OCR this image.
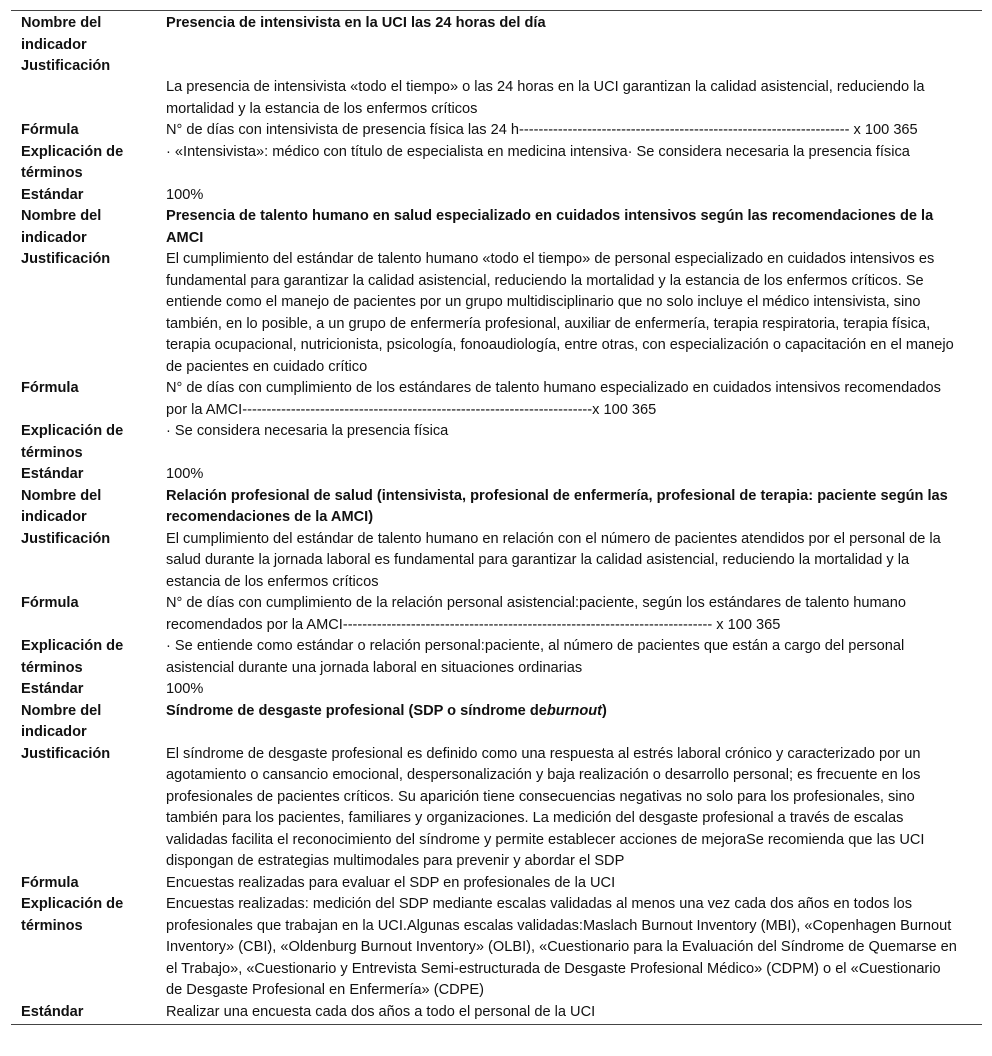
Nombre del indicador	Presencia de intensivista en la UCI las 24 horas del día
Justificación	La presencia de intensivista «todo el tiempo» o las 24 horas en la UCI garantizan la calidad asistencial, reduciendo la mortalidad y la estancia de los enfermos críticos
Fórmula	N° de días con intensivista de presencia física las 24 h-------------------------------------------------------------------- x 100 365
Explicación de términos	· «Intensivista»: médico con título de especialista en medicina intensiva· Se considera necesaria la presencia física
Estándar	100%
Nombre del indicador	Presencia de talento humano en salud especializado en cuidados intensivos según las recomendaciones de la AMCI
Justificación	El cumplimiento del estándar de talento humano «todo el tiempo» de personal especializado en cuidados intensivos es fundamental para garantizar la calidad asistencial, reduciendo la mortalidad y la estancia de los enfermos críticos. Se entiende como el manejo de pacientes por un grupo multidisciplinario que no solo incluye el médico intensivista, sino también, en lo posible, a un grupo de enfermería profesional, auxiliar de enfermería, terapia respiratoria, terapia física, terapia ocupacional, nutricionista, psicología, fonoaudiología, entre otras, con especialización o capacitación en el manejo de pacientes en cuidado crítico
Fórmula	N° de días con cumplimiento de los estándares de talento humano especializado en cuidados intensivos recomendados por la AMCI------------------------------------------------------------------------x 100 365
Explicación de términos	· Se considera necesaria la presencia física
Estándar	100%
Nombre del indicador	Relación profesional de salud (intensivista, profesional de enfermería, profesional de terapia: paciente según las recomendaciones de la AMCI)
Justificación	El cumplimiento del estándar de talento humano en relación con el número de pacientes atendidos por el personal de la salud durante la jornada laboral es fundamental para garantizar la calidad asistencial, reduciendo la mortalidad y la estancia de los enfermos críticos
Fórmula	N° de días con cumplimiento de la relación personal asistencial:paciente, según los estándares de talento humano recomendados por la AMCI---------------------------------------------------------------------------- x 100 365
Explicación de términos	· Se entiende como estándar o relación personal:paciente, al número de pacientes que están a cargo del personal asistencial durante una jornada laboral en situaciones ordinarias
Estándar	100%
Nombre del indicador	Síndrome de desgaste profesional (SDP o síndrome deburnout)
Justificación	El síndrome de desgaste profesional es definido como una respuesta al estrés laboral crónico y caracterizado por un agotamiento o cansancio emocional, despersonalización y baja realización o desarrollo personal; es frecuente en los profesionales de pacientes críticos. Su aparición tiene consecuencias negativas no solo para los profesionales, sino también para los pacientes, familiares y organizaciones. La medición del desgaste profesional a través de escalas validadas facilita el reconocimiento del síndrome y permite establecer acciones de mejoraSe recomienda que las UCI dispongan de estrategias multimodales para prevenir y abordar el SDP
Fórmula	Encuestas realizadas para evaluar el SDP en profesionales de la UCI
Explicación de términos	Encuestas realizadas: medición del SDP mediante escalas validadas al menos una vez cada dos años en todos los profesionales que trabajan en la UCI.Algunas escalas validadas:Maslach Burnout Inventory (MBI), «Copenhagen Burnout Inventory» (CBI), «Oldenburg Burnout Inventory» (OLBI), «Cuestionario para la Evaluación del Síndrome de Quemarse en el Trabajo», «Cuestionario y Entrevista Semi-estructurada de Desgaste Profesional Médico» (CDPM) o el «Cuestionario de Desgaste Profesional en Enfermería» (CDPE)
Estándar	Realizar una encuesta cada dos años a todo el personal de la UCI
